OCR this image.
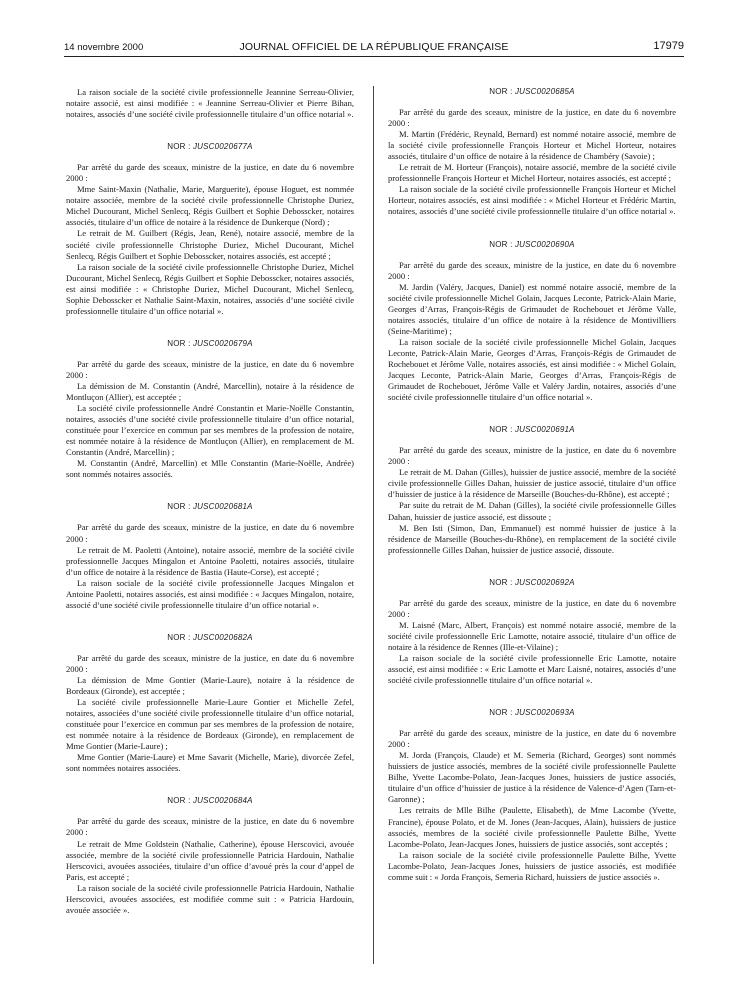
14 novembre 2000	JOURNAL OFFICIEL DE LA RÉPUBLIQUE FRANÇAISE	17979

La raison sociale de la société civile professionnelle Jeannine Serreau-Olivier, notaire associé, est ainsi modifiée : « Jeannine Serreau-Olivier et Pierre Bihan, notaires, associés d’une société civile professionnelle titulaire d’un office notarial ».

NOR : JUSC0020677A

Par arrêté du garde des sceaux, ministre de la justice, en date du 6 novembre 2000 :

Mme Saint-Maxin (Nathalie, Marie, Marguerite), épouse Hoguet, est nommée notaire associée, membre de la société civile professionnelle Christophe Duriez, Michel Ducourant, Michel Senlecq, Régis Guilbert et Sophie Debosscker, notaires associés, titulaire d’un office de notaire à la résidence de Dunkerque (Nord) ;

Le retrait de M. Guilbert (Régis, Jean, René), notaire associé, membre de la société civile professionnelle Christophe Duriez, Michel Ducourant, Michel Senlecq, Régis Guilbert et Sophie Debosscker, notaires associés, est accepté ;

La raison sociale de la société civile professionnelle Christophe Duriez, Michel Ducourant, Michel Senlecq, Régis Guilbert et Sophie Debosscker, notaires associés, est ainsi modifiée : « Christophe Duriez, Michel Ducourant, Michel Senlecq, Sophie Debosscker et Nathalie Saint-Maxin, notaires, associés d’une société civile professionnelle titulaire d’un office notarial ».

NOR : JUSC0020679A

Par arrêté du garde des sceaux, ministre de la justice, en date du 6 novembre 2000 :

La démission de M. Constantin (André, Marcellin), notaire à la résidence de Montluçon (Allier), est acceptée ;

La société civile professionnelle André Constantin et Marie-Noëlle Constantin, notaires, associés d’une société civile professionnelle titulaire d’un office notarial, constituée pour l’exercice en commun par ses membres de la profession de notaire, est nommée notaire à la résidence de Montluçon (Allier), en remplacement de M. Constantin (André, Marcellin) ;

M. Constantin (André, Marcellin) et Mlle Constantin (Marie-Noëlle, Andrée) sont nommés notaires associés.

NOR : JUSC0020681A

Par arrêté du garde des sceaux, ministre de la justice, en date du 6 novembre 2000 :

Le retrait de M. Paoletti (Antoine), notaire associé, membre de la société civile professionnelle Jacques Mingalon et Antoine Paoletti, notaires associés, titulaire d’un office de notaire à la résidence de Bastia (Haute-Corse), est accepté ;

La raison sociale de la société civile professionnelle Jacques Mingalon et Antoine Paoletti, notaires associés, est ainsi modifiée : « Jacques Mingalon, notaire, associé d’une société civile professionnelle titulaire d’un office notarial ».

NOR : JUSC0020682A

Par arrêté du garde des sceaux, ministre de la justice, en date du 6 novembre 2000 :

La démission de Mme Gontier (Marie-Laure), notaire à la résidence de Bordeaux (Gironde), est acceptée ;

La société civile professionnelle Marie-Laure Gontier et Michelle Zefel, notaires, associées d’une société civile professionnelle titulaire d’un office notarial, constituée pour l’exercice en commun par ses membres de la profession de notaire, est nommée notaire à la résidence de Bordeaux (Gironde), en remplacement de Mme Gontier (Marie-Laure) ;

Mme Gontier (Marie-Laure) et Mme Savarit (Michelle, Marie), divorcée Zefel, sont nommées notaires associées.

NOR : JUSC0020684A

Par arrêté du garde des sceaux, ministre de la justice, en date du 6 novembre 2000 :

Le retrait de Mme Goldstein (Nathalie, Catherine), épouse Herscovici, avouée associée, membre de la société civile professionnelle Patricia Hardouin, Nathalie Herscovici, avouées associées, titulaire d’un office d’avoué près la cour d’appel de Paris, est accepté ;

La raison sociale de la société civile professionnelle Patricia Hardouin, Nathalie Herscovici, avouées associées, est modifiée comme suit : « Patricia Hardouin, avouée associée ».

NOR : JUSC0020685A

Par arrêté du garde des sceaux, ministre de la justice, en date du 6 novembre 2000 :

M. Martin (Frédéric, Reynald, Bernard) est nommé notaire associé, membre de la société civile professionnelle François Horteur et Michel Horteur, notaires associés, titulaire d’un office de notaire à la résidence de Chambéry (Savoie) ;

Le retrait de M. Horteur (François), notaire associé, membre de la société civile professionnelle François Horteur et Michel Horteur, notaires associés, est accepté ;

La raison sociale de la société civile professionnelle François Horteur et Michel Horteur, notaires associés, est ainsi modifiée : « Michel Horteur et Frédéric Martin, notaires, associés d’une société civile professionnelle titulaire d’un office notarial ».

NOR : JUSC0020690A

Par arrêté du garde des sceaux, ministre de la justice, en date du 6 novembre 2000 :

M. Jardin (Valéry, Jacques, Daniel) est nommé notaire associé, membre de la société civile professionnelle Michel Golain, Jacques Leconte, Patrick-Alain Marie, Georges d’Arras, François-Régis de Grimaudet de Rochebouet et Jérôme Valle, notaires associés, titulaire d’un office de notaire à la résidence de Montivilliers (Seine-Maritime) ;

La raison sociale de la société civile professionnelle Michel Golain, Jacques Leconte, Patrick-Alain Marie, Georges d’Arras, François-Régis de Grimaudet de Rochebouet et Jérôme Valle, notaires associés, est ainsi modifiée : « Michel Golain, Jacques Leconte, Patrick-Alain Marie, Georges d’Arras, François-Régis de Grimaudet de Rochebouet, Jérôme Valle et Valéry Jardin, notaires, associés d’une société civile professionnelle titulaire d’un office notarial ».

NOR : JUSC0020691A

Par arrêté du garde des sceaux, ministre de la justice, en date du 6 novembre 2000 :

Le retrait de M. Dahan (Gilles), huissier de justice associé, membre de la société civile professionnelle Gilles Dahan, huissier de justice associé, titulaire d’un office d’huissier de justice à la résidence de Marseille (Bouches-du-Rhône), est accepté ;

Par suite du retrait de M. Dahan (Gilles), la société civile professionnelle Gilles Dahan, huissier de justice associé, est dissoute ;

M. Ben Isti (Simon, Dan, Emmanuel) est nommé huissier de justice à la résidence de Marseille (Bouches-du-Rhône), en remplacement de la société civile professionnelle Gilles Dahan, huissier de justice associé, dissoute.

NOR : JUSC0020692A

Par arrêté du garde des sceaux, ministre de la justice, en date du 6 novembre 2000 :

M. Laisné (Marc, Albert, François) est nommé notaire associé, membre de la société civile professionnelle Eric Lamotte, notaire associé, titulaire d’un office de notaire à la résidence de Rennes (Ille-et-Vilaine) ;

La raison sociale de la société civile professionnelle Eric Lamotte, notaire associé, est ainsi modifiée : « Eric Lamotte et Marc Laisné, notaires, associés d’une société civile professionnelle titulaire d’un office notarial ».

NOR : JUSC0020693A

Par arrêté du garde des sceaux, ministre de la justice, en date du 6 novembre 2000 :

M. Jorda (François, Claude) et M. Semeria (Richard, Georges) sont nommés huissiers de justice associés, membres de la société civile professionnelle Paulette Bilhe, Yvette Lacombe-Polato, Jean-Jacques Jones, huissiers de justice associés, titulaire d’un office d’huissier de justice à la résidence de Valence-d’Agen (Tarn-et-Garonne) ;

Les retraits de Mlle Bilhe (Paulette, Elisabeth), de Mme Lacombe (Yvette, Francine), épouse Polato, et de M. Jones (Jean-Jacques, Alain), huissiers de justice associés, membres de la société civile professionnelle Paulette Bilhe, Yvette Lacombe-Polato, Jean-Jacques Jones, huissiers de justice associés, sont acceptés ;

La raison sociale de la société civile professionnelle Paulette Bilhe, Yvette Lacombe-Polato, Jean-Jacques Jones, huissiers de justice associés, est modifiée comme suit : « Jorda François, Semeria Richard, huissiers de justice associés ».
